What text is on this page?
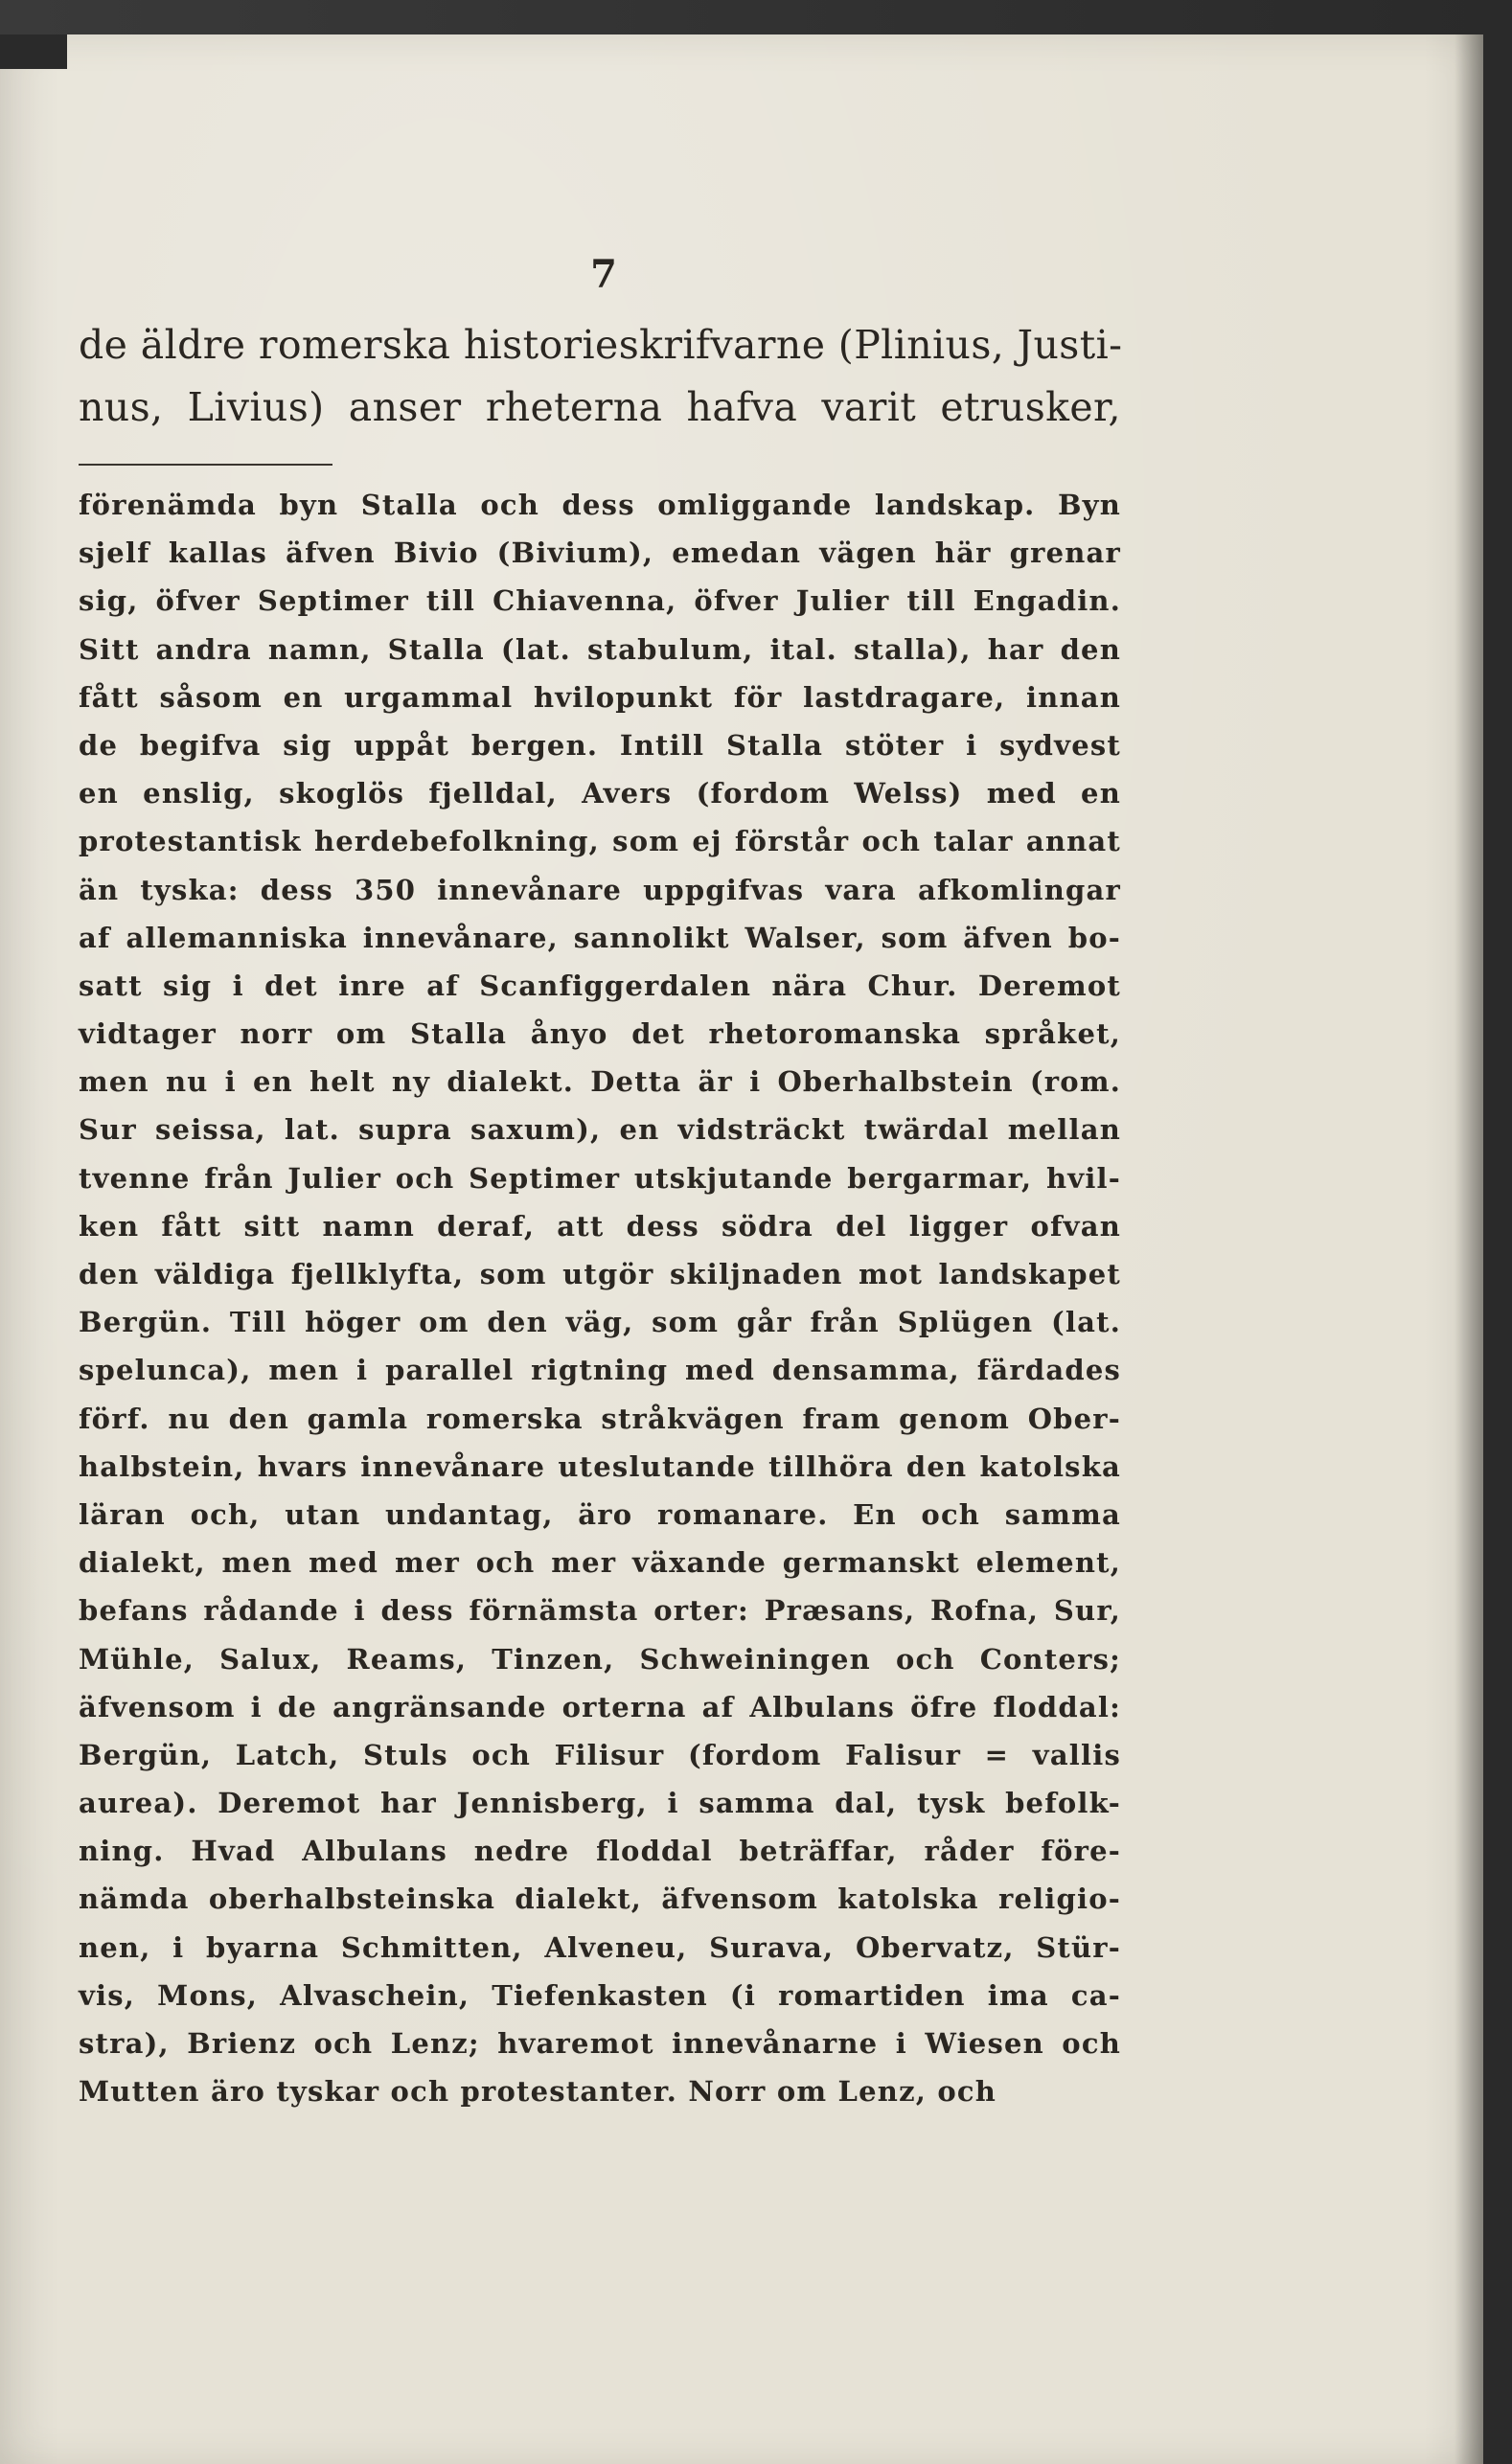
7
de äldre romerska historieskrifvarne (Plinius, Justi-
nus, Livius) anser rheterna hafva varit etrusker,
förenämda byn Stalla och dess omliggande landskap. Byn
sjelf kallas äfven Bivio (Bivium), emedan vägen här grenar
sig, öfver Septimer till Chiavenna, öfver Julier till Engadin.
Sitt andra namn, Stalla (lat. stabulum, ital. stalla), har den
fått såsom en urgammal hvilopunkt för lastdragare, innan
de begifva sig uppåt bergen. Intill Stalla stöter i sydvest
en enslig, skoglös fjelldal, Avers (fordom Welss) med en
protestantisk herdebefolkning, som ej förstår och talar annat
än tyska: dess 350 innevånare uppgifvas vara afkomlingar
af allemanniska innevånare, sannolikt Walser, som äfven bo-
satt sig i det inre af Scanfiggerdalen nära Chur. Deremot
vidtager norr om Stalla ånyo det rhetoromanska språket,
men nu i en helt ny dialekt. Detta är i Oberhalbstein (rom.
Sur seissa, lat. supra saxum), en vidsträckt twärdal mellan
tvenne från Julier och Septimer utskjutande bergarmar, hvil-
ken fått sitt namn deraf, att dess södra del ligger ofvan
den väldiga fjellklyfta, som utgör skiljnaden mot landskapet
Bergün. Till höger om den väg, som går från Splügen (lat.
spelunca), men i parallel rigtning med densamma, färdades
förf. nu den gamla romerska stråkvägen fram genom Ober-
halbstein, hvars innevånare uteslutande tillhöra den katolska
läran och, utan undantag, äro romanare. En och samma
dialekt, men med mer och mer växande germanskt element,
befans rådande i dess förnämsta orter: Præsans, Rofna, Sur,
Mühle, Salux, Reams, Tinzen, Schweiningen och Conters;
äfvensom i de angränsande orterna af Albulans öfre floddal:
Bergün, Latch, Stuls och Filisur (fordom Falisur = vallis
aurea). Deremot har Jennisberg, i samma dal, tysk befolk-
ning. Hvad Albulans nedre floddal beträffar, råder före-
nämda oberhalbsteinska dialekt, äfvensom katolska religio-
nen, i byarna Schmitten, Alveneu, Surava, Obervatz, Stür-
vis, Mons, Alvaschein, Tiefenkasten (i romartiden ima ca-
stra), Brienz och Lenz; hvaremot innevånarne i Wiesen och
Mutten äro tyskar och protestanter. Norr om Lenz, och
